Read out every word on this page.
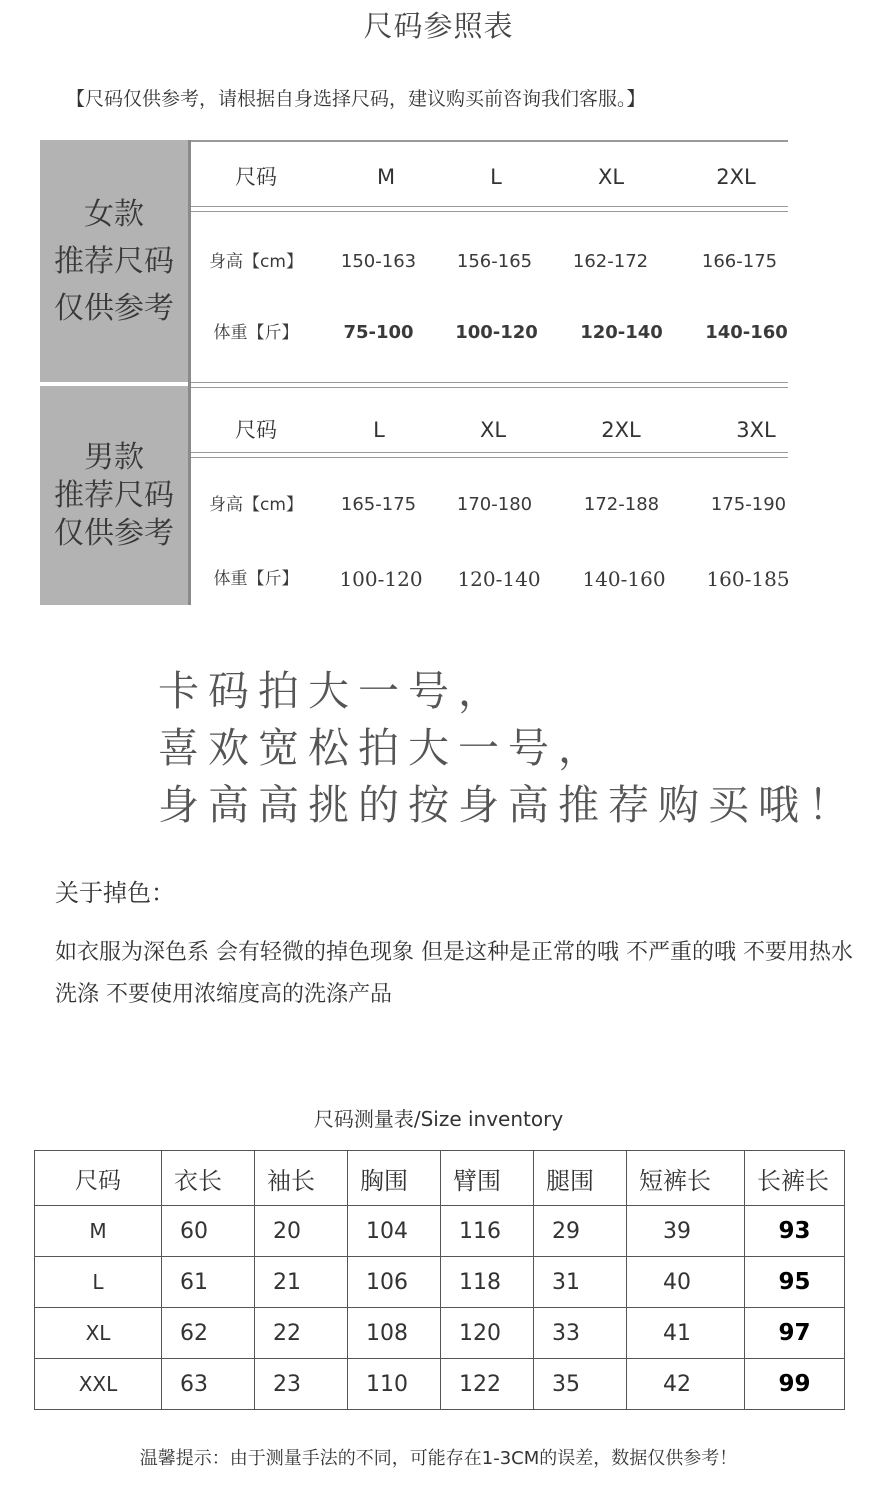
尺码参照表
【尺码仅供参考，请根据自身选择尺码，建议购买前咨询我们客服。】
女款
推荐尺码
仅供参考
男款
推荐尺码
仅供参考
尺码	M	L	XL	2XL
身高【cm】	150-163	156-165	162-172	166-175
体重【斤】	75-100	100-120	120-140	140-160
尺码	L	XL	2XL	3XL
身高【cm】	165-175	170-180	172-188	175-190
体重【斤】	100-120	120-140	140-160	160-185
卡码拍大一号，
喜欢宽松拍大一号，
身高高挑的按身高推荐购买哦！
关于掉色：
如衣服为深色系 会有轻微的掉色现象 但是这种是正常的哦 不严重的哦 不要用热水洗涤 不要使用浓缩度高的洗涤产品
尺码测量表/Size inventory
尺码	衣长	袖长	胸围	臂围	腿围	短裤长	长裤长
M	60	20	104	116	29	39	93
L	61	21	106	118	31	40	95
XL	62	22	108	120	33	41	97
XXL	63	23	110	122	35	42	99
温馨提示：由于测量手法的不同，可能存在1-3CM的误差，数据仅供参考！
